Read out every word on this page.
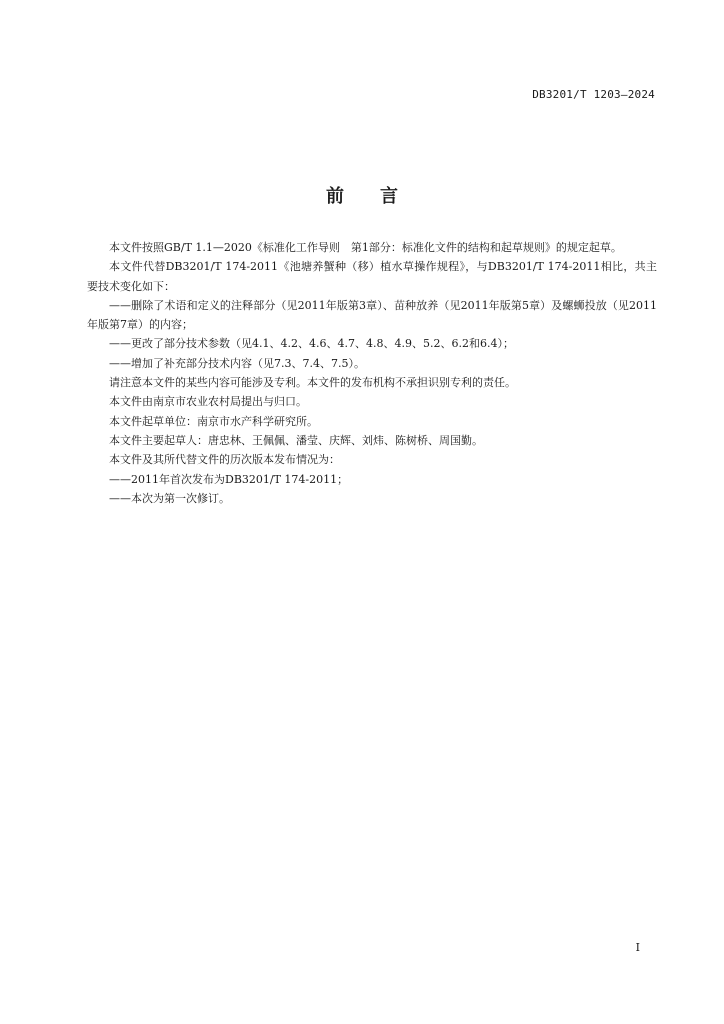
DB3201/T 1203—2024
前言

本文件按照GB/T 1.1—2020《标准化工作导则　第1部分：标准化文件的结构和起草规则》的规定起草。

本文件代替DB3201/T 174-2011《池塘养蟹种（移）植水草操作规程》，与DB3201/T 174-2011相比，共主要技术变化如下：

——删除了术语和定义的注释部分（见2011年版第3章）、苗种放养（见2011年版第5章）及螺蛳投放（见2011年版第7章）的内容；

——更改了部分技术参数（见4.1、4.2、4.6、4.7、4.8、4.9、5.2、6.2和6.4）；

——增加了补充部分技术内容（见7.3、7.4、7.5）。

请注意本文件的某些内容可能涉及专利。本文件的发布机构不承担识别专利的责任。

本文件由南京市农业农村局提出与归口。

本文件起草单位：南京市水产科学研究所。

本文件主要起草人：唐忠林、王佩佩、潘莹、庆辉、刘炜、陈树桥、周国勤。

本文件及其所代替文件的历次版本发布情况为：

——2011年首次发布为DB3201/T 174-2011；

——本次为第一次修订。

I
